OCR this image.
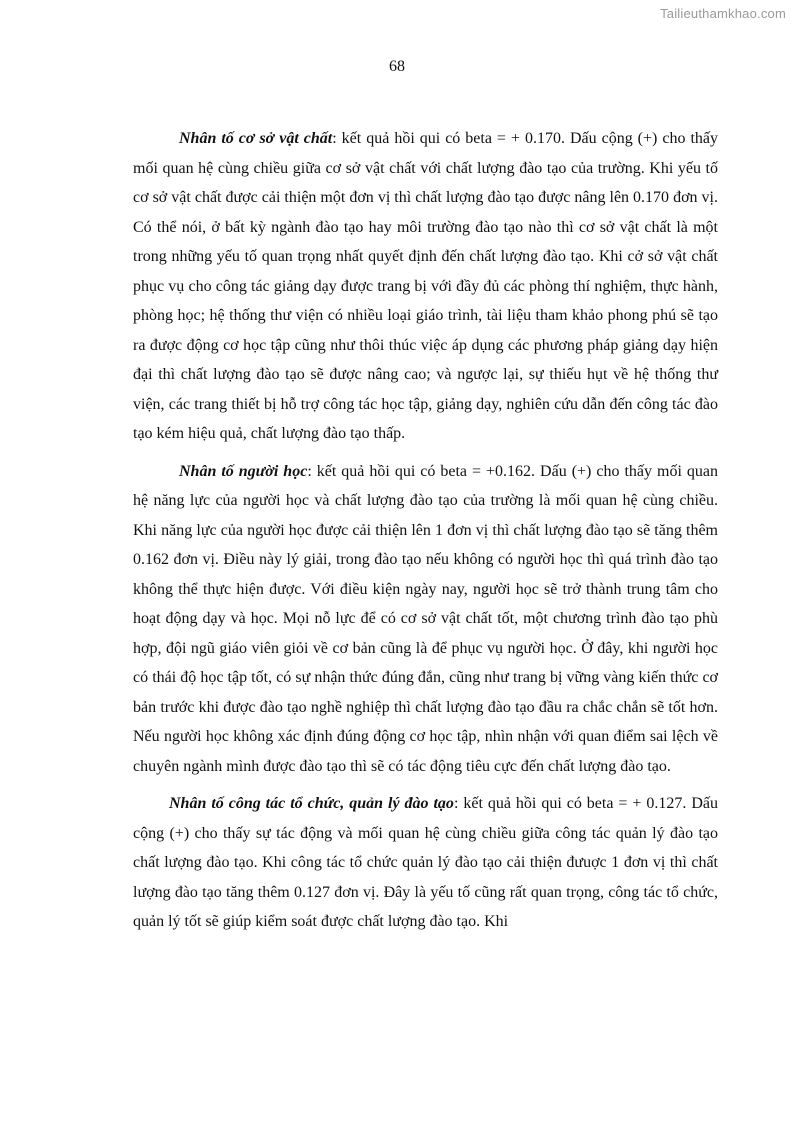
Tailieuthamkhao.com
68

Nhân tố cơ sở vật chất: kết quả hồi qui có beta = + 0.170. Dấu cộng (+) cho thấy mối quan hệ cùng chiều giữa cơ sở vật chất với chất lượng đào tạo của trường. Khi yếu tố cơ sở vật chất được cải thiện một đơn vị thì chất lượng đào tạo được nâng lên 0.170 đơn vị. Có thể nói, ở bất kỳ ngành đào tạo hay môi trường đào tạo nào thì cơ sở vật chất là một trong những yếu tố quan trọng nhất quyết định đến chất lượng đào tạo. Khi cở sở vật chất phục vụ cho công tác giảng dạy được trang bị với đầy đủ các phòng thí nghiệm, thực hành, phòng học; hệ thống thư viện có nhiều loại giáo trình, tài liệu tham khảo phong phú sẽ tạo ra được động cơ học tập cũng như thôi thúc việc áp dụng các phương pháp giảng dạy hiện đại thì chất lượng đào tạo sẽ được nâng cao; và ngược lại, sự thiếu hụt về hệ thống thư viện, các trang thiết bị hỗ trợ công tác học tập, giảng dạy, nghiên cứu dẫn đến công tác đào tạo kém hiệu quả, chất lượng đào tạo thấp.

Nhân tố người học: kết quả hồi qui có beta = +0.162. Dấu (+) cho thấy mối quan hệ năng lực của người học và chất lượng đào tạo của trường là mối quan hệ cùng chiều. Khi năng lực của người học được cải thiện lên 1 đơn vị thì chất lượng đào tạo sẽ tăng thêm 0.162 đơn vị. Điều này lý giải, trong đào tạo nếu không có người học thì quá trình đào tạo không thể thực hiện được. Với điều kiện ngày nay, người học sẽ trở thành trung tâm cho hoạt động dạy và học. Mọi nỗ lực để có cơ sở vật chất tốt, một chương trình đào tạo phù hợp, đội ngũ giáo viên giỏi về cơ bản cũng là để phục vụ người học. Ở đây, khi người học có thái độ học tập tốt, có sự nhận thức đúng đắn, cũng như trang bị vững vàng kiến thức cơ bản trước khi được đào tạo nghề nghiệp thì chất lượng đào tạo đầu ra chắc chắn sẽ tốt hơn. Nếu người học không xác định đúng động cơ học tập, nhìn nhận với quan điểm sai lệch về chuyên ngành mình được đào tạo thì sẽ có tác động tiêu cực đến chất lượng đào tạo.

Nhân tố công tác tổ chức, quản lý đào tạo: kết quả hồi qui có beta = + 0.127. Dấu cộng (+) cho thấy sự tác động và mối quan hệ cùng chiều giữa công tác quản lý đào tạo chất lượng đào tạo. Khi công tác tổ chức quản lý đào tạo cải thiện đưuợc 1 đơn vị thì chất lượng đào tạo tăng thêm 0.127 đơn vị. Đây là yếu tố cũng rất quan trọng, công tác tổ chức, quản lý tốt sẽ giúp kiểm soát được chất lượng đào tạo. Khi
